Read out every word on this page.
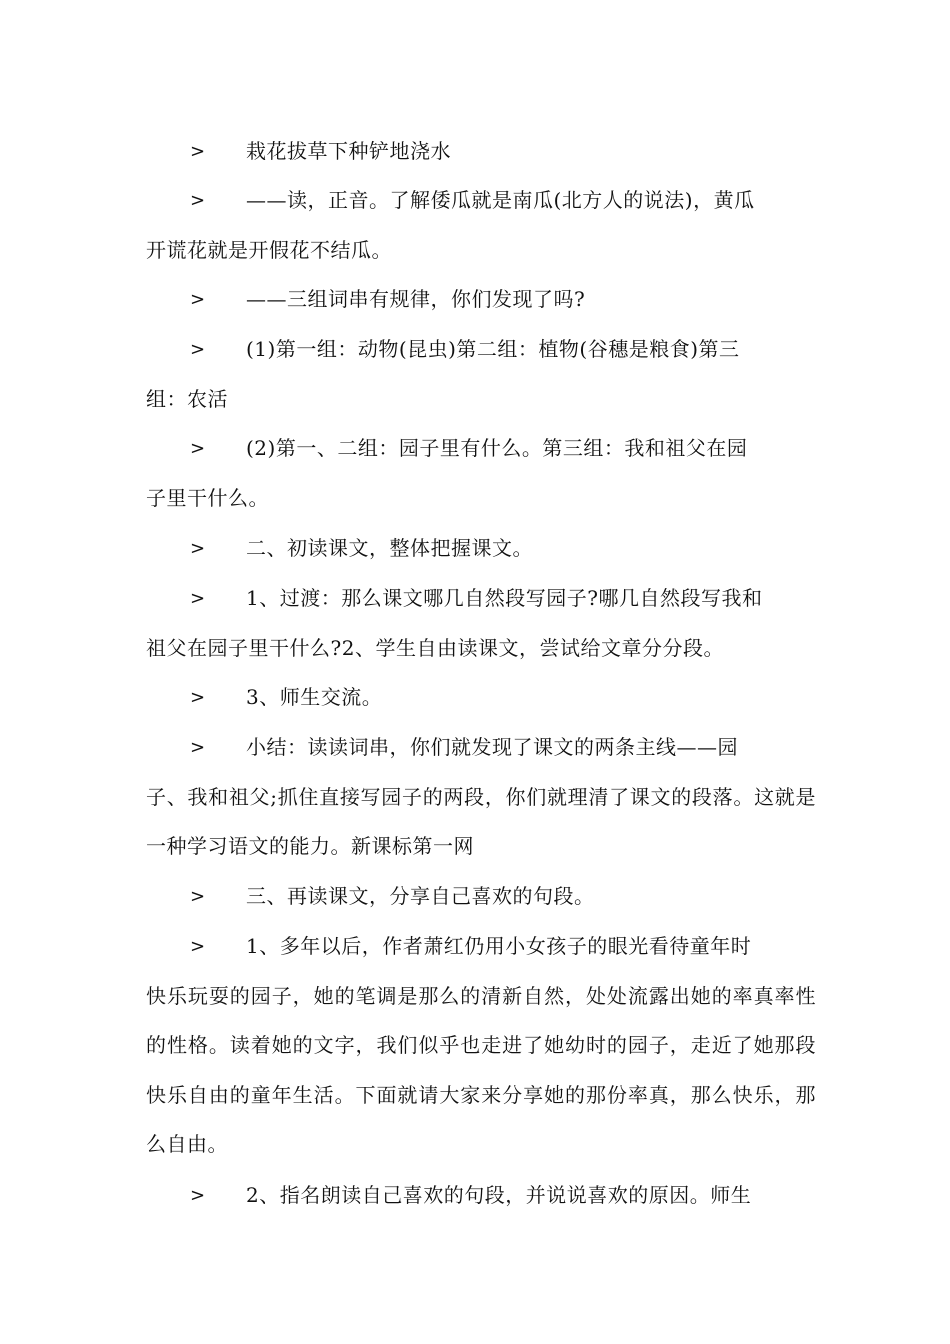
>	栽花拔草下种铲地浇水
>	——读，正音。了解倭瓜就是南瓜(北方人的说法)，黄瓜
开谎花就是开假花不结瓜。
>	——三组词串有规律，你们发现了吗?
>	(1)第一组：动物(昆虫)第二组：植物(谷穗是粮食)第三
组：农活
>	(2)第一、二组：园子里有什么。第三组：我和祖父在园
子里干什么。
>	二、初读课文，整体把握课文。
>	1、过渡：那么课文哪几自然段写园子?哪几自然段写我和
祖父在园子里干什么?2、学生自由读课文，尝试给文章分分段。
>	3、师生交流。
>	小结：读读词串，你们就发现了课文的两条主线——园
子、我和祖父;抓住直接写园子的两段，你们就理清了课文的段落。这就是一种学习语文的能力。新课标第一网
>	三、再读课文，分享自己喜欢的句段。
>	1、多年以后，作者萧红仍用小女孩子的眼光看待童年时
快乐玩耍的园子，她的笔调是那么的清新自然，处处流露出她的率真率性的性格。读着她的文字，我们似乎也走进了她幼时的园子，走近了她那段快乐自由的童年生活。下面就请大家来分享她的那份率真，那么快乐，那么自由。
>	2、指名朗读自己喜欢的句段，并说说喜欢的原因。师生
